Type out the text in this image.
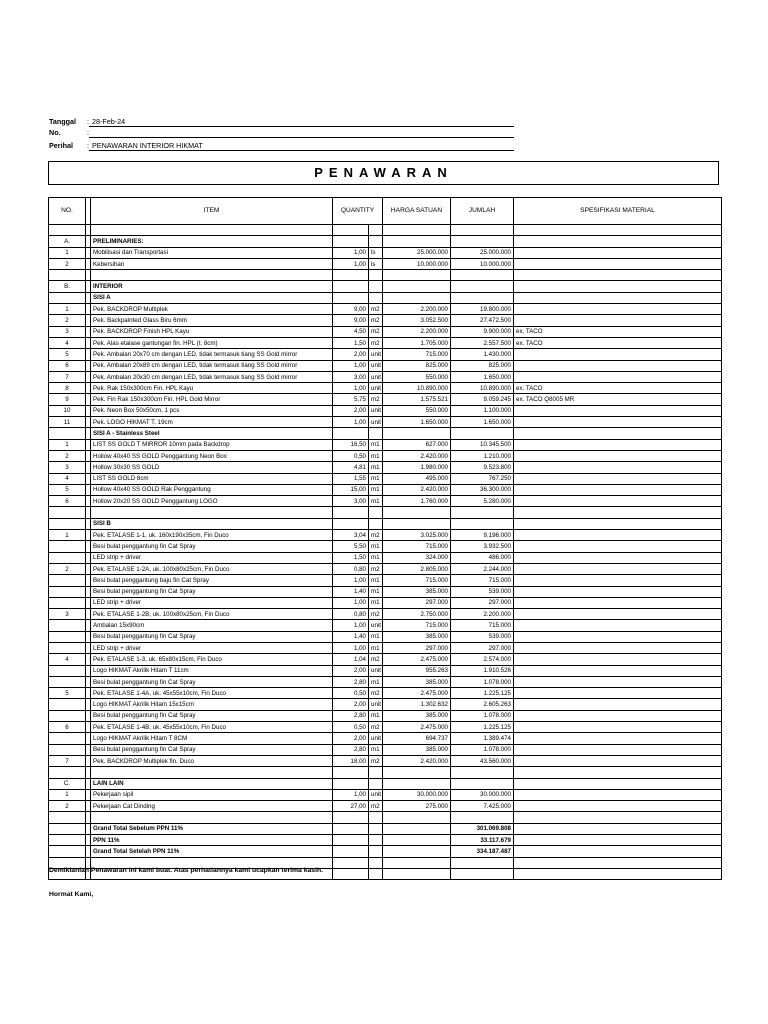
Tanggal : 28-Feb-24
No.	:
Perihal : PENAWARAN INTERIOR HIKMAT
PENAWARAN
NO.		ITEM	QUANTITY		HARGA SATUAN	JUMLAH	SPESIFIKASI MATERIAL

A.		PRELIMINARIES:					
1		Mobilisasi dan Transportasi	1,00	ls	25.000.000	25.000.000	
2		Kebersihan	1,00	ls	10.000.000	10.000.000	

B.		INTERIOR					
		SISI A					
1		Pek. BACKDROP Multiplek	9,00	m2	2.200.000	19.800.000	
2		Pek. Backpainted Glass Biru 6mm	9,00	m2	3.052.500	27.472.500	
3		Pek. BACKDROP Finish HPL Kayu	4,50	m2	2.200.000	9.900.000	ex. TACO
4		Pek. Alas etalase gantungan fin. HPL (t. 8cm)	1,50	m2	1.705.000	2.557.500	ex. TACO
5		Pek. Ambalan 20x70 cm dengan LED, tidak termasuk tiang SS Gold mirror	2,00	unit	715.000	1.430.000	
6		Pek. Ambalan 20x89 cm dengan LED, tidak termasuk tiang SS Gold mirror	1,00	unit	825.000	825.000	
7		Pek. Ambalan 20x30 cm dengan LED, tidak termasuk tiang SS Gold mirror	3,00	unit	550.000	1.650.000	
8		Pek. Rak 150x300cm Fin. HPL Kayu	1,00	unit	10.890.000	10.890.000	ex. TACO
9		Pek. Fin Rak 150x300cm Fin. HPL Gold Mirror	5,75	m2	1.575.521	9.059.245	ex. TACO Q8005 MR
10		Pek. Neon Box 50x50cm, 1 pcs	2,00	unit	550.000	1.100.000	
11		Pek. LOGO HIKMAT T. 19cm	1,00	unit	1.650.000	1.650.000	
		SISI A - Stainless Steel					
1		LIST SS GOLD T MIRROR 10mm pada Backdrop	16,50	m1	627.000	10.345.500	
2		Hollow 40x40 SS GOLD Penggantung Neon Box	0,50	m1	2.420.000	1.210.000	
3		Hollow 30x30 SS GOLD	4,81	m1	1.980.000	9.523.800	
4		LIST SS GOLD 8cm	1,55	m1	495.000	767.250	
5		Hollow 40x40 SS GOLD Rak Penggantung	15,00	m1	2.420.000	36.300.000	
6		Hollow 20x20 SS GOLD Penggantung LOGO	3,00	m1	1.760.000	5.280.000	

		SISI B					
1		Pek. ETALASE 1-1, uk. 160x190x35cm, Fin Duco	3,04	m2	3.025.000	9.196.000	
		Besi bulat penggantung fin Cat Spray	5,50	m1	715.000	3.932.500	
		LED strip + driver	1,50	m1	324.000	486.000	
2		Pek. ETALASE 1-2A, uk. 100x80x25cm, Fin Duco	0,80	m2	2.805.000	2.244.000	
		Besi bulat penggantung baju fin Cat Spray	1,00	m1	715.000	715.000	
		Besi bulat penggantung fin Cat Spray	1,40	m1	385.000	539.000	
		LED strip + driver	1,00	m1	297.000	297.000	
3		Pek. ETALASE 1-2B, uk. 100x80x25cm, Fin Duco	0,80	m2	2.750.000	2.200.000	
		Ambalan 15x90cm	1,00	unit	715.000	715.000	
		Besi bulat penggantung fin Cat Spray	1,40	m1	385.000	539.000	
		LED strip + driver	1,00	m1	297.000	297.000	
4		Pek. ETALASE 1-3, uk. 65x80x15cm, Fin Duco	1,04	m2	2.475.000	2.574.000	
		Logo HIKMAT Akrilik Hitam T 11cm	2,00	unit	955.263	1.910.526	
		Besi bulat penggantung fin Cat Spray	2,80	m1	385.000	1.078.000	
5		Pek. ETALASE 1-4A, uk. 45x55x10cm, Fin Duco	0,50	m2	2.475.000	1.225.125	
		Logo HIKMAT Akrilik Hitam 15x15cm	2,00	unit	1.302.632	2.605.263	
		Besi bulat penggantung fin Cat Spray	2,80	m1	385.000	1.078.000	
6		Pek. ETALASE 1-4B, uk. 45x55x10cm, Fin Duco	0,50	m2	2.475.000	1.225.125	
		Logo HIKMAT Akrilik Hitam T 8CM	2,00	unit	694.737	1.389.474	
		Besi bulat penggantung fin Cat Spray	2,80	m1	385.000	1.078.000	
7		Pek. BACKDROP Multiplek fin. Duco	18,00	m2	2.420.000	43.560.000	

C.		LAIN LAIN					
1		Pekerjaan sipil	1,00	unit	30.000.000	30.000.000	
2		Pekerjaan Cat Dinding	27,00	m2	275.000	7.425.000	

		Grand Total Sebelum PPN 11%				301.069.808	
		PPN 11%				33.117.679	
		Grand Total Setelah PPN 11%				334.187.487	

Demikianlah Penawaran ini kami buat. Atas perhatiannya kami ucapkan terima kasih.
Hormat Kami,
